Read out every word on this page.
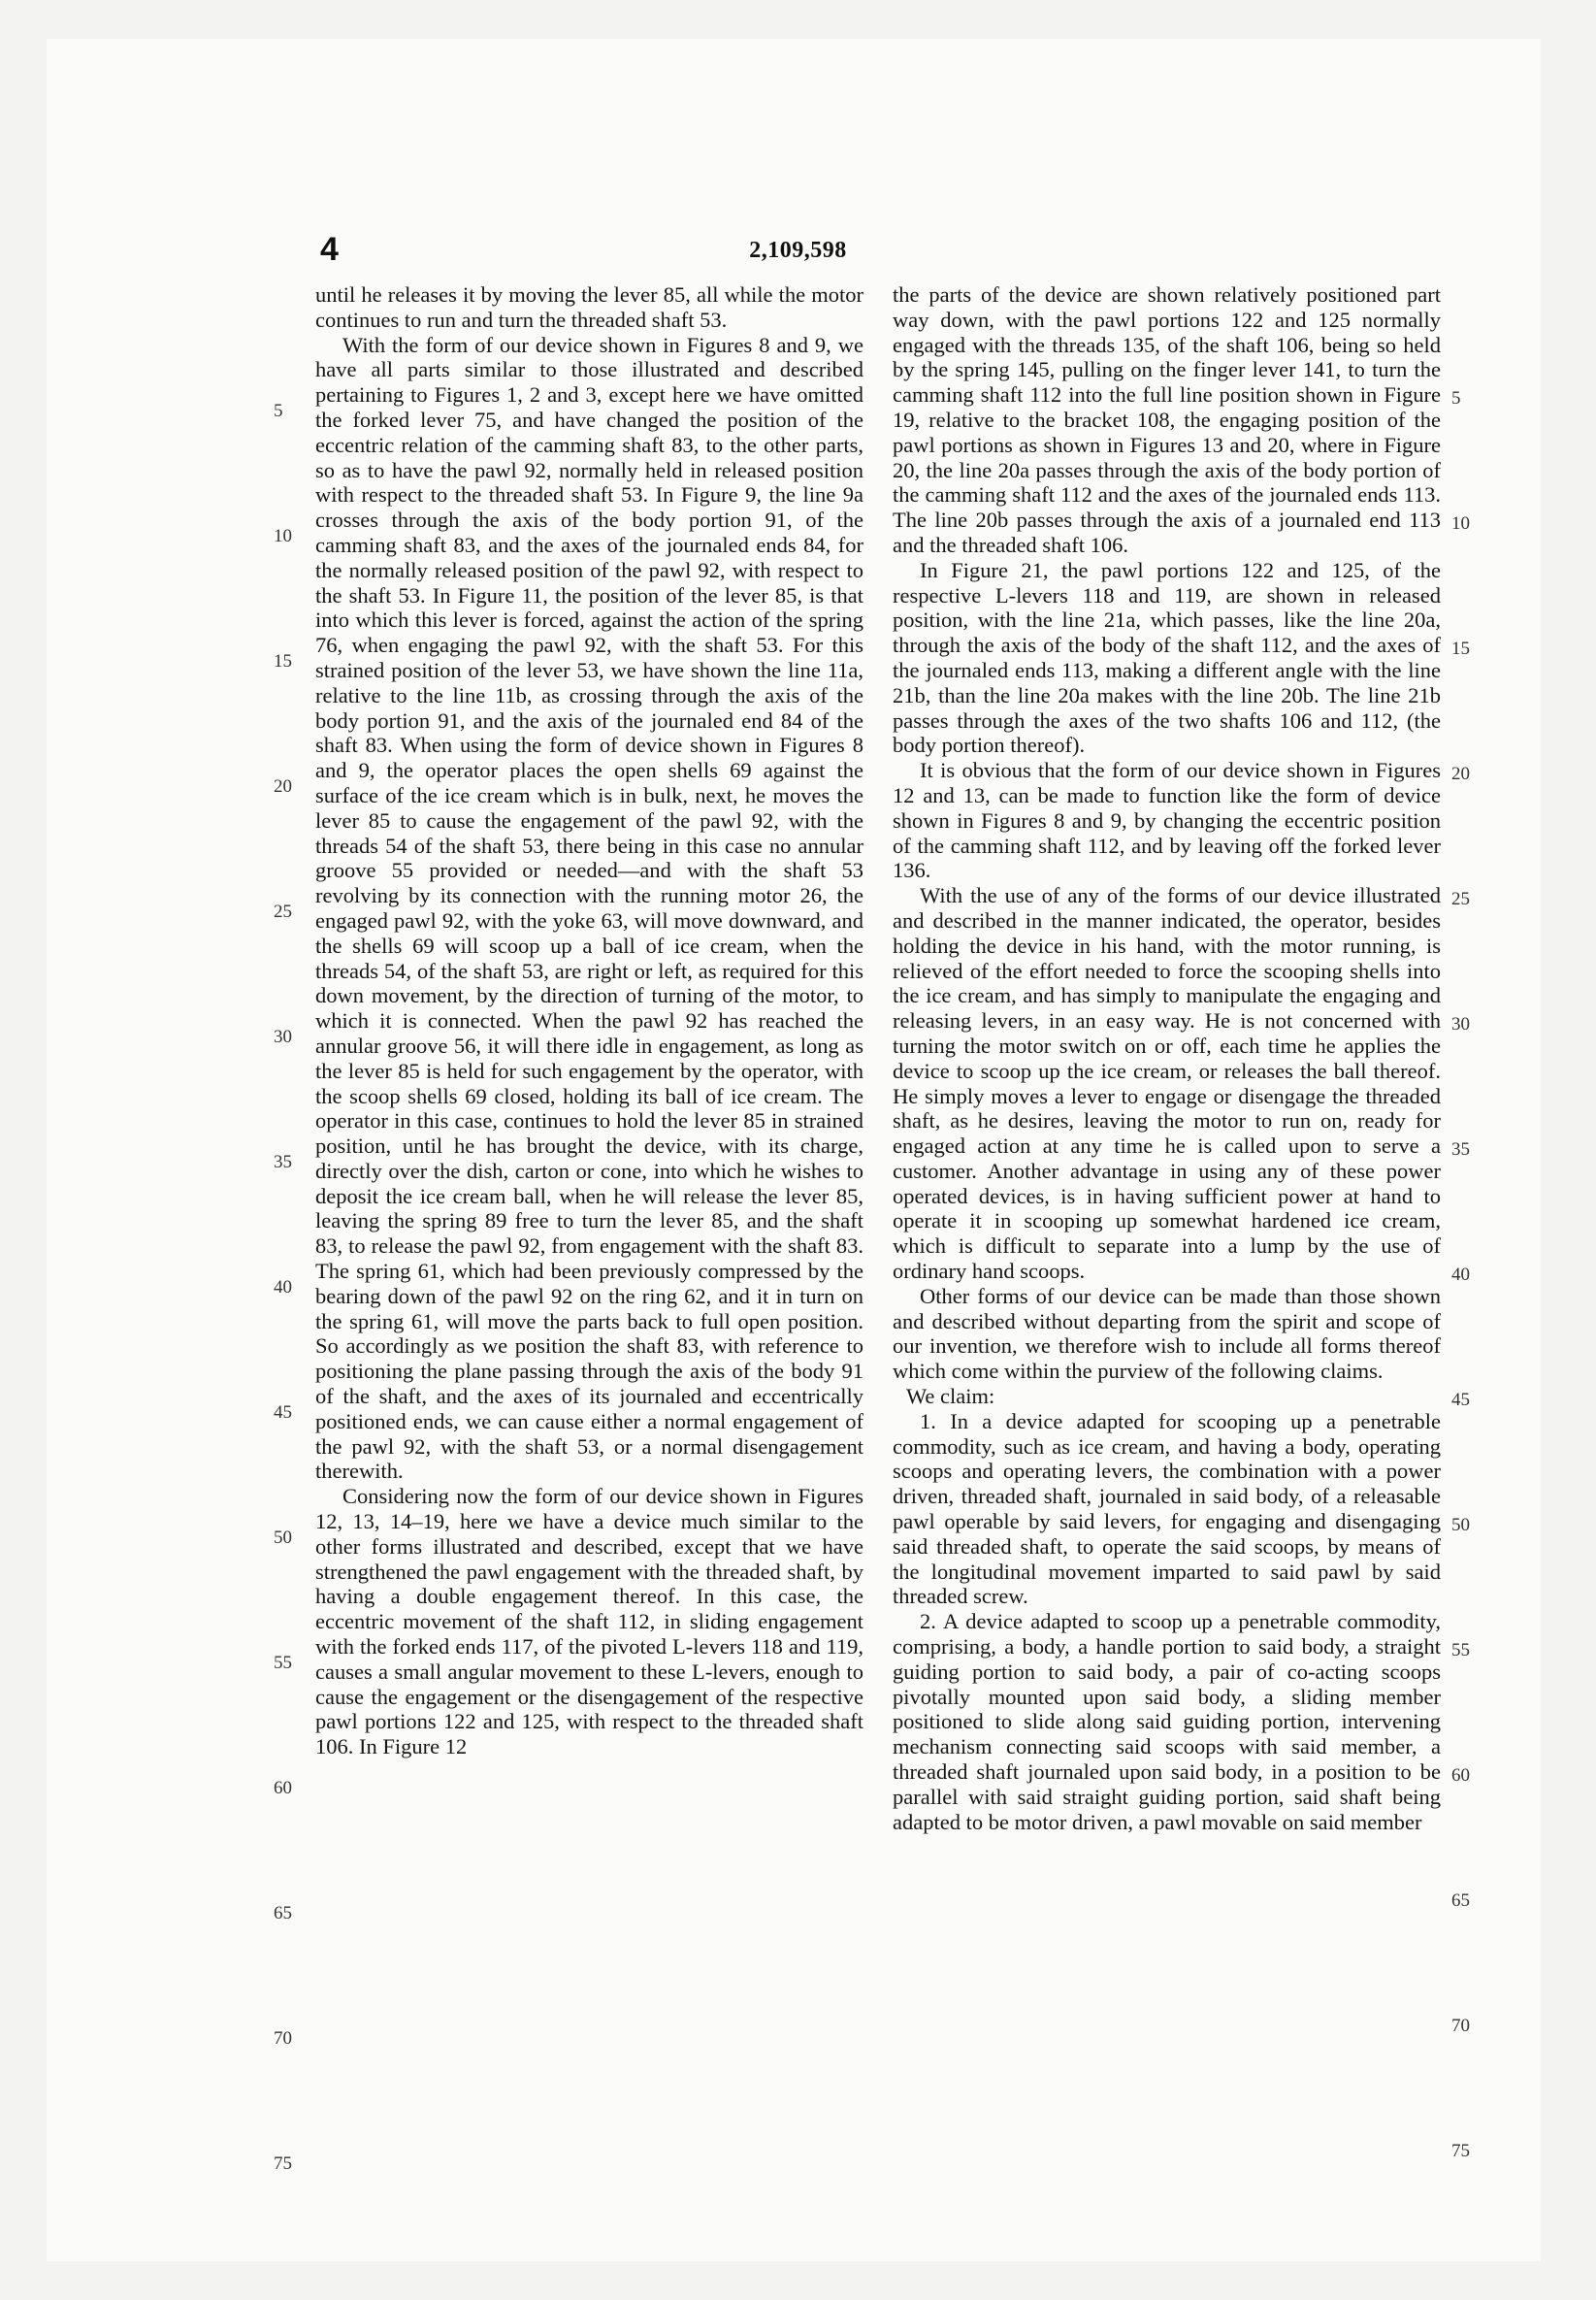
4	2,109,598

until he releases it by moving the lever 85, all while the motor continues to run and turn the threaded shaft 53.

With the form of our device shown in Figures 8 and 9, we have all parts similar to those illustrated and described pertaining to Figures 1, 2 and 3, except here we have omitted the forked lever 75, and have changed the position of the eccentric relation of the camming shaft 83, to the other parts, so as to have the pawl 92, normally held in released position with respect to the threaded shaft 53. In Figure 9, the line 9a crosses through the axis of the body portion 91, of the camming shaft 83, and the axes of the journaled ends 84, for the normally released position of the pawl 92, with respect to the shaft 53. In Figure 11, the position of the lever 85, is that into which this lever is forced, against the action of the spring 76, when engaging the pawl 92, with the shaft 53. For this strained position of the lever 53, we have shown the line 11a, relative to the line 11b, as crossing through the axis of the body portion 91, and the axis of the journaled end 84 of the shaft 83. When using the form of device shown in Figures 8 and 9, the operator places the open shells 69 against the surface of the ice cream which is in bulk, next, he moves the lever 85 to cause the engagement of the pawl 92, with the threads 54 of the shaft 53, there being in this case no annular groove 55 provided or needed—and with the shaft 53 revolving by its connection with the running motor 26, the engaged pawl 92, with the yoke 63, will move downward, and the shells 69 will scoop up a ball of ice cream, when the threads 54, of the shaft 53, are right or left, as required for this down movement, by the direction of turning of the motor, to which it is connected. When the pawl 92 has reached the annular groove 56, it will there idle in engagement, as long as the lever 85 is held for such engagement by the operator, with the scoop shells 69 closed, holding its ball of ice cream. The operator in this case, continues to hold the lever 85 in strained position, until he has brought the device, with its charge, directly over the dish, carton or cone, into which he wishes to deposit the ice cream ball, when he will release the lever 85, leaving the spring 89 free to turn the lever 85, and the shaft 83, to release the pawl 92, from engagement with the shaft 83. The spring 61, which had been previously compressed by the bearing down of the pawl 92 on the ring 62, and it in turn on the spring 61, will move the parts back to full open position. So accordingly as we position the shaft 83, with reference to positioning the plane passing through the axis of the body 91 of the shaft, and the axes of its journaled and eccentrically positioned ends, we can cause either a normal engagement of the pawl 92, with the shaft 53, or a normal disengagement therewith.

Considering now the form of our device shown in Figures 12, 13, 14–19, here we have a device much similar to the other forms illustrated and described, except that we have strengthened the pawl engagement with the threaded shaft, by having a double engagement thereof. In this case, the eccentric movement of the shaft 112, in sliding engagement with the forked ends 117, of the pivoted L-levers 118 and 119, causes a small angular movement to these L-levers, enough to cause the engagement or the disengagement of the respective pawl portions 122 and 125, with respect to the threaded shaft 106. In Figure 12

the parts of the device are shown relatively positioned part way down, with the pawl portions 122 and 125 normally engaged with the threads 135, of the shaft 106, being so held by the spring 145, pulling on the finger lever 141, to turn the camming shaft 112 into the full line position shown in Figure 19, relative to the bracket 108, the engaging position of the pawl portions as shown in Figures 13 and 20, where in Figure 20, the line 20a passes through the axis of the body portion of the camming shaft 112 and the axes of the journaled ends 113. The line 20b passes through the axis of a journaled end 113 and the threaded shaft 106.

In Figure 21, the pawl portions 122 and 125, of the respective L-levers 118 and 119, are shown in released position, with the line 21a, which passes, like the line 20a, through the axis of the body of the shaft 112, and the axes of the journaled ends 113, making a different angle with the line 21b, than the line 20a makes with the line 20b. The line 21b passes through the axes of the two shafts 106 and 112, (the body portion thereof).

It is obvious that the form of our device shown in Figures 12 and 13, can be made to function like the form of device shown in Figures 8 and 9, by changing the eccentric position of the camming shaft 112, and by leaving off the forked lever 136.

With the use of any of the forms of our device illustrated and described in the manner indicated, the operator, besides holding the device in his hand, with the motor running, is relieved of the effort needed to force the scooping shells into the ice cream, and has simply to manipulate the engaging and releasing levers, in an easy way. He is not concerned with turning the motor switch on or off, each time he applies the device to scoop up the ice cream, or releases the ball thereof. He simply moves a lever to engage or disengage the threaded shaft, as he desires, leaving the motor to run on, ready for engaged action at any time he is called upon to serve a customer. Another advantage in using any of these power operated devices, is in having sufficient power at hand to operate it in scooping up somewhat hardened ice cream, which is difficult to separate into a lump by the use of ordinary hand scoops.

Other forms of our device can be made than those shown and described without departing from the spirit and scope of our invention, we therefore wish to include all forms thereof which come within the purview of the following claims.

We claim:

1. In a device adapted for scooping up a penetrable commodity, such as ice cream, and having a body, operating scoops and operating levers, the combination with a power driven, threaded shaft, journaled in said body, of a releasable pawl operable by said levers, for engaging and disengaging said threaded shaft, to operate the said scoops, by means of the longitudinal movement imparted to said pawl by said threaded screw.

2. A device adapted to scoop up a penetrable commodity, comprising, a body, a handle portion to said body, a straight guiding portion to said body, a pair of co-acting scoops pivotally mounted upon said body, a sliding member positioned to slide along said guiding portion, intervening mechanism connecting said scoops with said member, a threaded shaft journaled upon said body, in a position to be parallel with said straight guiding portion, said shaft being adapted to be motor driven, a pawl movable on said member

5
10
15
20
25
30
35
40
45
50
55
60
65
70
75
5
10
15
20
25
30
35
40
45
50
55
60
65
70
75
